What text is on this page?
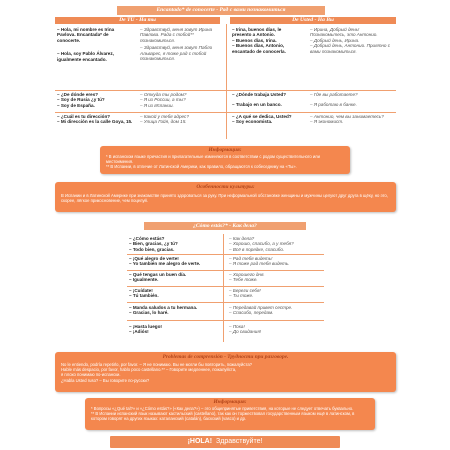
Encantado* de conocerte - Рад с вами познакомиться
De TÚ - На ты	De Usted - На Вы
– Hola, mi nombre es Irina Pavlova. Encantada* de conocerte.
– Hola, soy Pablo Álvarez, igualmente encantado.
– Здравствуй, меня зовут Ирина Павлова. Рада с тобой** познакомиться.
– Здравствуй, меня зовут Пабло Альварес, я тоже рад с тобой познакомиться.
– Irina, buenos días, le presento a Antonio.
– Buenos días, Irina.
– Buenos días, Antonio, encantado de conocerla.
– Ирина, Добрый день! Познакомьтесь, это Антонио.
– Добрый день, Ирина.
– Добрый день, Антонио. Приятно с вами познакомиться.
– ¿De dónde eres?
– Soy de Rusia ¿y tú?
– Soy de España.
– Откуда ты родом?
– Я из России, а ты?
– Я из Испании.
– ¿Dónde trabaja Usted?
– Trabajo en un banco.
– Где вы работаете?
– Я работаю в банке.
– ¿Cuál es tu dirección?
– Mi dirección es la calle Goya, 15.
– Какой у тебя адрес?
– Улица Гойя, дом 15.
– ¿A qué se dedica, Usted?
– Soy economista.
– Антонио, чем вы занимаетесь?
– Я экономист.
Информация:
* В испанском языке причастия и прилагательные изменяются в соответствии с родом существительного или местоимения.
** В Испании, в отличие от Латинской Америки, как правило, обращаются к собеседнику на «Ты».
Особенности культуры:
В Испании и в Латинской Америке при знакомстве принято здороваться за руку. При неформальной обстановке женщины и мужчины целуют друг друга в щёку, но это, скорее, лёгкое прикосновение, чем поцелуй.
¿Cómo estás?* - Как дела?
– ¿Cómo estás?
– Bien, gracias, ¿y tú?
– Todo bien, gracias.
– Как дела?
– Хорошо, спасибо, а у тебя?
– Всё в порядке, спасибо.
– ¡Qué alegro de verte!
– Yo también me alegro de verte.
– Рад тебя видеть!
– Я тоже рад тебя видеть.
– Qué tengas un buen día.
– Igualmente.
– Хорошего дня.
– Тебе тоже.
– ¡Cuídate!
– Tú también.
– Береги себя!
– Ты тоже.
– Manda saludos a tu hermana.
– Gracias, lo haré.
– Передавай привет сестре.
– Спасибо, передам.
– ¡Hasta luego!
– ¡Adiós!
– Пока!
– До свидания!
Problemas de comprensión - Трудности при разговоре.
No le entiendo, podría repetirlo, por favor. – Я не понимаю. Вы не могли бы повторить, пожалуйста?
Hable más despacio, por favor, hablo poco castellano.** – Говорите медленнее, пожалуйста,
я плохо понимаю по-испански.
¿Habla Usted ruso? – Вы говорите по-русски?
Информация:
* Вопросы «¿Qué tal?» и «¿Cómo estás?» («Как дела?») – это общепринятые приветствия, на которые не следует отвечать буквально.
** В Испании испанский язык называют кастильский (castellano), так как он торжествовал государственным языком ещё в латинском, в котором говорят на других языках: каталанский (catalán), баскский (vasco) и др.
¡HOLA! Здравствуйте!
